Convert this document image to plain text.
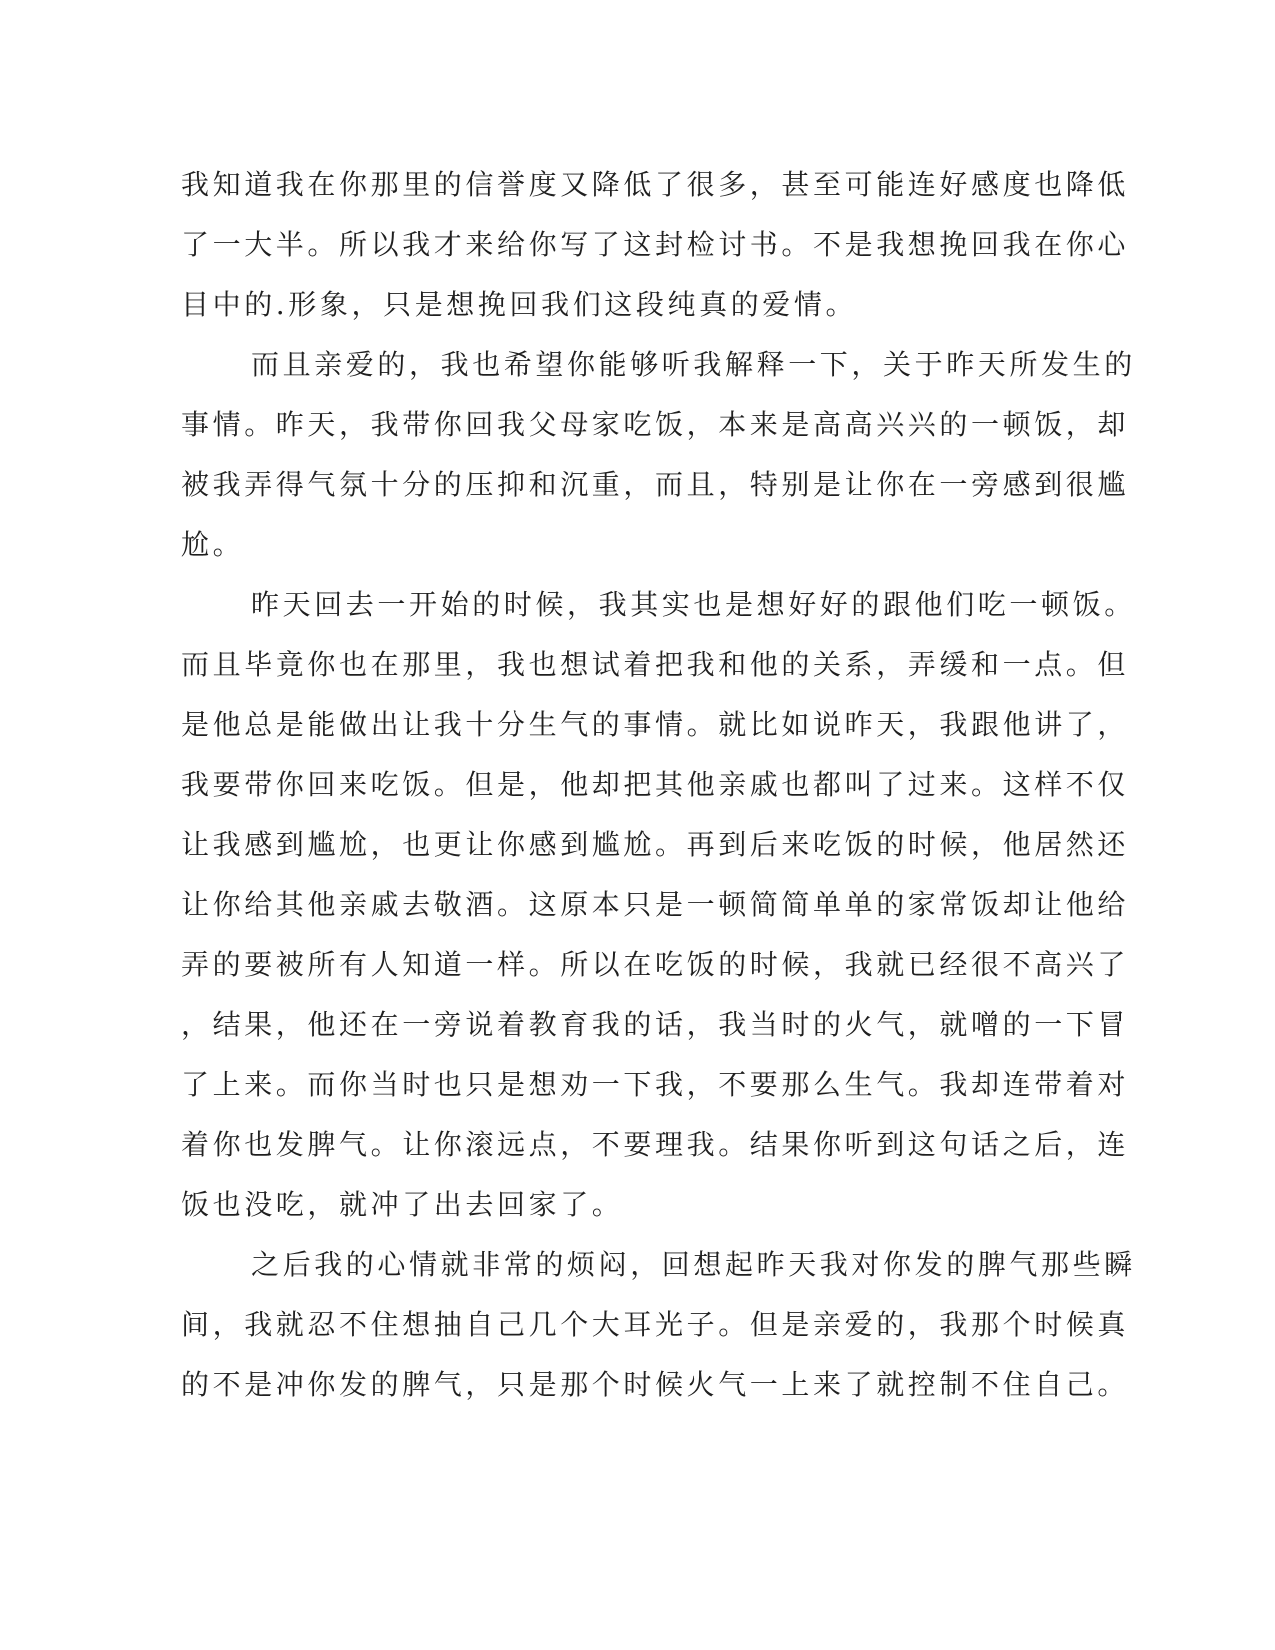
我知道我在你那里的信誉度又降低了很多，甚至可能连好感度也降低
了一大半。所以我才来给你写了这封检讨书。不是我想挽回我在你心
目中的.形象，只是想挽回我们这段纯真的爱情。
而且亲爱的，我也希望你能够听我解释一下，关于昨天所发生的
事情。昨天，我带你回我父母家吃饭，本来是高高兴兴的一顿饭，却
被我弄得气氛十分的压抑和沉重，而且，特别是让你在一旁感到很尴
尬。
昨天回去一开始的时候，我其实也是想好好的跟他们吃一顿饭。
而且毕竟你也在那里，我也想试着把我和他的关系，弄缓和一点。但
是他总是能做出让我十分生气的事情。就比如说昨天，我跟他讲了，
我要带你回来吃饭。但是，他却把其他亲戚也都叫了过来。这样不仅
让我感到尴尬，也更让你感到尴尬。再到后来吃饭的时候，他居然还
让你给其他亲戚去敬酒。这原本只是一顿简简单单的家常饭却让他给
弄的要被所有人知道一样。所以在吃饭的时候，我就已经很不高兴了
，结果，他还在一旁说着教育我的话，我当时的火气，就噌的一下冒
了上来。而你当时也只是想劝一下我，不要那么生气。我却连带着对
着你也发脾气。让你滚远点，不要理我。结果你听到这句话之后，连
饭也没吃，就冲了出去回家了。
之后我的心情就非常的烦闷，回想起昨天我对你发的脾气那些瞬
间，我就忍不住想抽自己几个大耳光子。但是亲爱的，我那个时候真
的不是冲你发的脾气，只是那个时候火气一上来了就控制不住自己。
